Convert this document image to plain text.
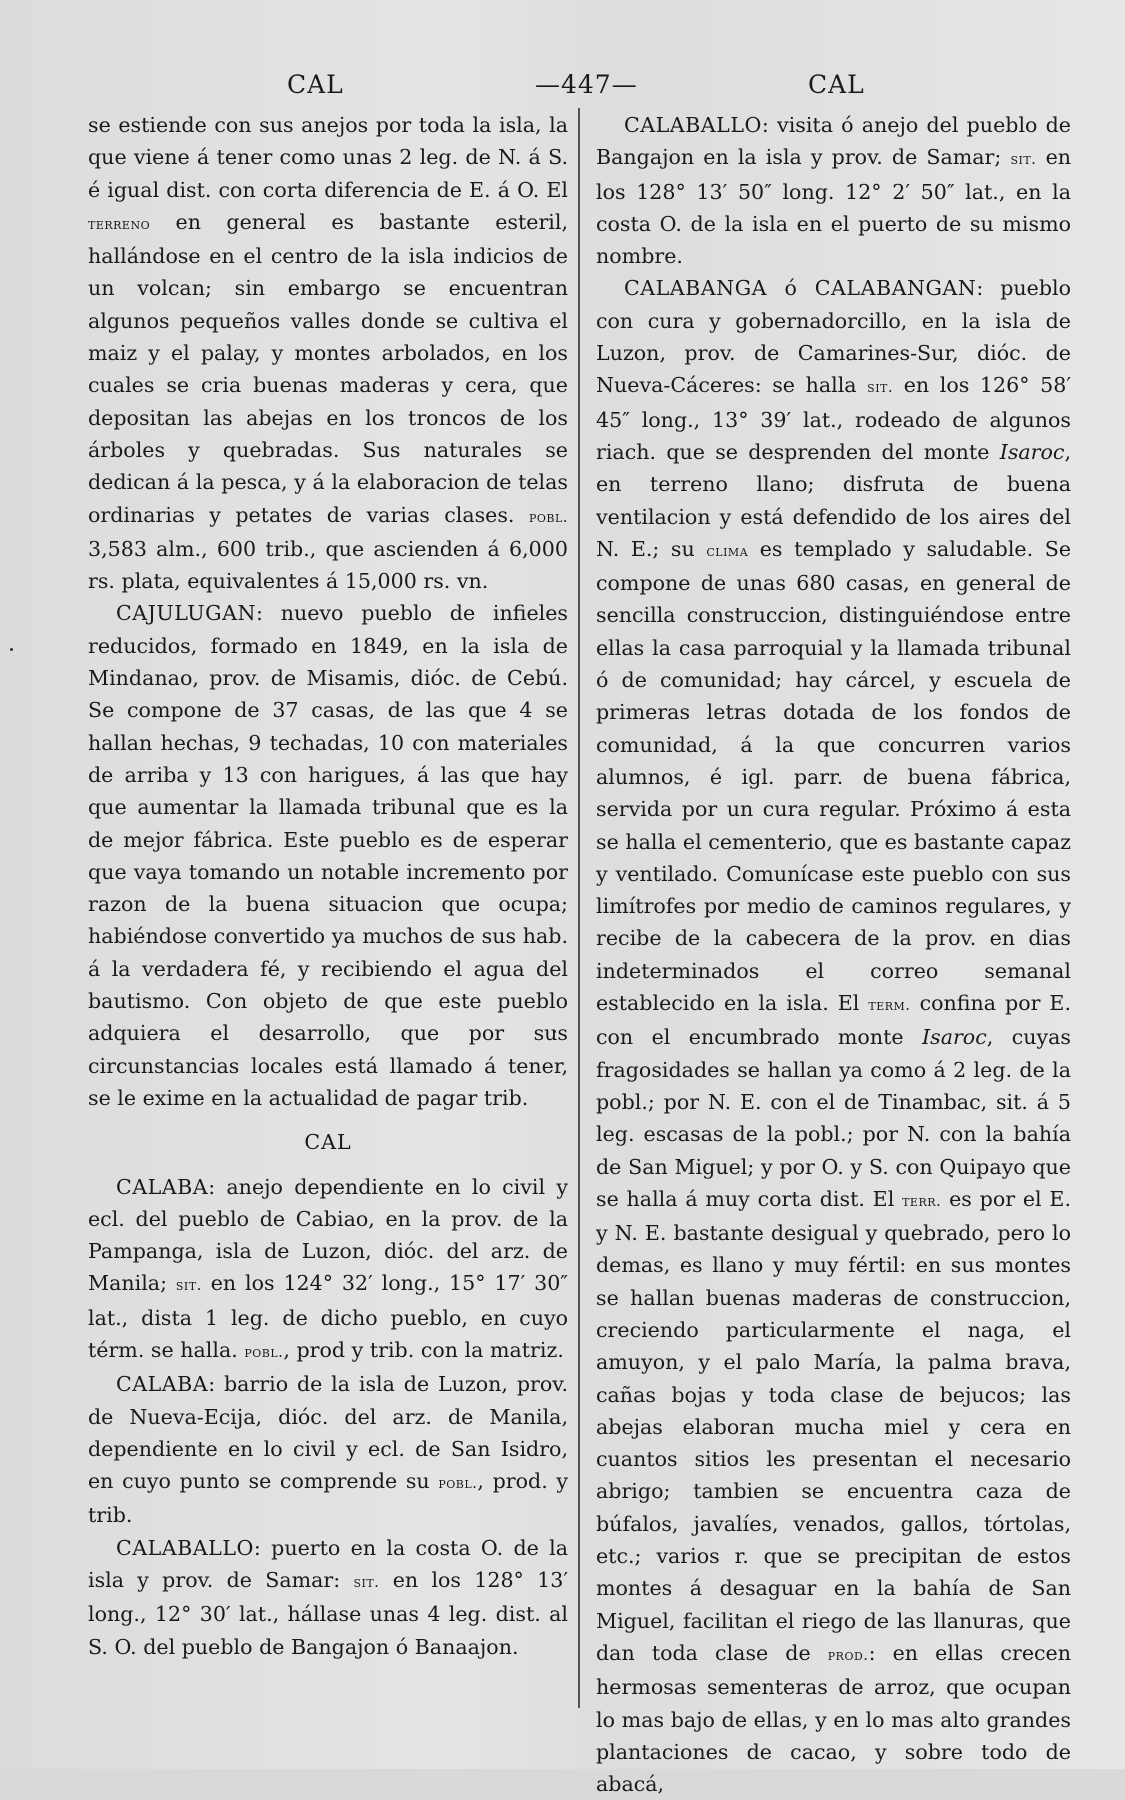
CAL	—447—	CAL

se estiende con sus anejos por toda la isla, la que viene á tener como unas 2 leg. de N. á S. é igual dist. con corta diferencia de E. á O. El terreno en general es bastante esteril, hallándose en el centro de la isla indicios de un volcan; sin embargo se encuentran algunos pequeños valles donde se cultiva el maiz y el palay, y montes arbolados, en los cuales se cria buenas maderas y cera, que depositan las abejas en los troncos de los árboles y quebradas. Sus naturales se dedican á la pesca, y á la elaboracion de telas ordinarias y petates de varias clases. pobl. 3,583 alm., 600 trib., que ascienden á 6,000 rs. plata, equivalentes á 15,000 rs. vn.

CAJULUGAN: nuevo pueblo de infieles reducidos, formado en 1849, en la isla de Mindanao, prov. de Misamis, dióc. de Cebú. Se compone de 37 casas, de las que 4 se hallan hechas, 9 techadas, 10 con materiales de arriba y 13 con harigues, á las que hay que aumentar la llamada tribunal que es la de mejor fábrica. Este pueblo es de esperar que vaya tomando un notable incremento por razon de la buena situacion que ocupa; habiéndose convertido ya muchos de sus hab. á la verdadera fé, y recibiendo el agua del bautismo. Con objeto de que este pueblo adquiera el desarrollo, que por sus circunstancias locales está llamado á tener, se le exime en la actualidad de pagar trib.

CAL

CALABA: anejo dependiente en lo civil y ecl. del pueblo de Cabiao, en la prov. de la Pampanga, isla de Luzon, dióc. del arz. de Manila; sit. en los 124° 32′ long., 15° 17′ 30″ lat., dista 1 leg. de dicho pueblo, en cuyo térm. se halla. pobl., prod y trib. con la matriz.

CALABA: barrio de la isla de Luzon, prov. de Nueva-Ecija, dióc. del arz. de Manila, dependiente en lo civil y ecl. de San Isidro, en cuyo punto se comprende su pobl., prod. y trib.

CALABALLO: puerto en la costa O. de la isla y prov. de Samar: sit. en los 128° 13′ long., 12° 30′ lat., hállase unas 4 leg. dist. al S. O. del pueblo de Bangajon ó Banaajon.

CALABALLO: visita ó anejo del pueblo de Bangajon en la isla y prov. de Samar; sit. en los 128° 13′ 50″ long. 12° 2′ 50″ lat., en la costa O. de la isla en el puerto de su mismo nombre.

CALABANGA ó CALABANGAN: pueblo con cura y gobernadorcillo, en la isla de Luzon, prov. de Camarines-Sur, dióc. de Nueva-Cáceres: se halla sit. en los 126° 58′ 45″ long., 13° 39′ lat., rodeado de algunos riach. que se desprenden del monte Isaroc, en terreno llano; disfruta de buena ventilacion y está defendido de los aires del N. E.; su clima es templado y saludable. Se compone de unas 680 casas, en general de sencilla construccion, distinguiéndose entre ellas la casa parroquial y la llamada tribunal ó de comunidad; hay cárcel, y escuela de primeras letras dotada de los fondos de comunidad, á la que concurren varios alumnos, é igl. parr. de buena fábrica, servida por un cura regular. Próximo á esta se halla el cementerio, que es bastante capaz y ventilado. Comunícase este pueblo con sus limítrofes por medio de caminos regulares, y recibe de la cabecera de la prov. en dias indeterminados el correo semanal establecido en la isla. El term. confina por E. con el encumbrado monte Isaroc, cuyas fragosidades se hallan ya como á 2 leg. de la pobl.; por N. E. con el de Tinambac, sit. á 5 leg. escasas de la pobl.; por N. con la bahía de San Miguel; y por O. y S. con Quipayo que se halla á muy corta dist. El terr. es por el E. y N. E. bastante desigual y quebrado, pero lo demas, es llano y muy fértil: en sus montes se hallan buenas maderas de construccion, creciendo particularmente el naga, el amuyon, y el palo María, la palma brava, cañas bojas y toda clase de bejucos; las abejas elaboran mucha miel y cera en cuantos sitios les presentan el necesario abrigo; tambien se encuentra caza de búfalos, javalíes, venados, gallos, tórtolas, etc.; varios r. que se precipitan de estos montes á desaguar en la bahía de San Miguel, facilitan el riego de las llanuras, que dan toda clase de prod.: en ellas crecen hermosas sementeras de arroz, que ocupan lo mas bajo de ellas, y en lo mas alto grandes plantaciones de cacao, y sobre todo de abacá,
